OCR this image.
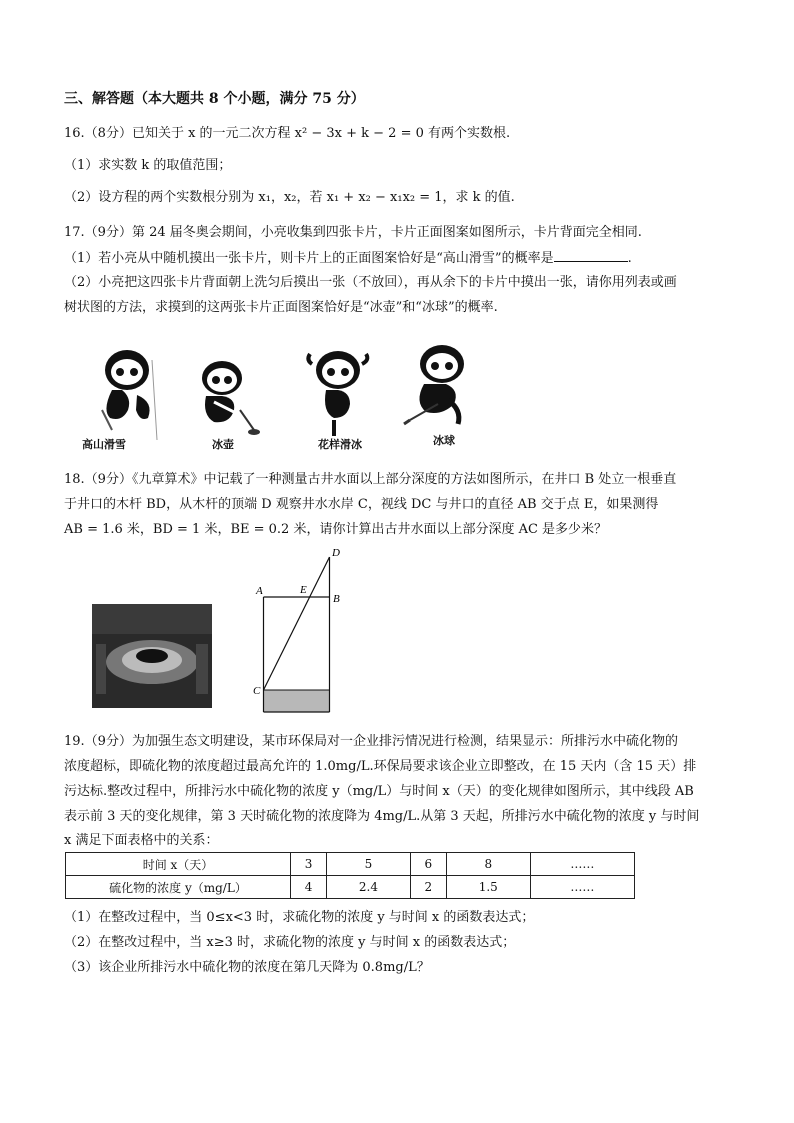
三、解答题（本大题共 8 个小题，满分 75 分）
16.（8分）已知关于 x 的一元二次方程 x² − 3x + k − 2 = 0 有两个实数根.
（1）求实数 k 的取值范围；
（2）设方程的两个实数根分别为 x₁，x₂，若 x₁ + x₂ − x₁x₂ = 1，求 k 的值.
17.（9分）第 24 届冬奥会期间，小亮收集到四张卡片，卡片正面图案如图所示，卡片背面完全相同.
（1）若小亮从中随机摸出一张卡片，则卡片上的正面图案恰好是“高山滑雪”的概率是	.
（2）小亮把这四张卡片背面朝上洗匀后摸出一张（不放回），再从余下的卡片中摸出一张，请你用列表或画
树状图的方法，求摸到的这两张卡片正面图案恰好是“冰壶”和“冰球”的概率.
高山滑雪	冰壶	花样滑冰	冰球
18.（9分）《九章算术》中记载了一种测量古井水面以上部分深度的方法如图所示，在井口 B 处立一根垂直
于井口的木杆 BD，从木杆的顶端 D 观察井水水岸 C，视线 DC 与井口的直径 AB 交于点 E，如果测得
AB = 1.6 米，BD = 1 米，BE = 0.2 米，请你计算出古井水面以上部分深度 AC 是多少米？
D
A	E
B
C
19.（9分）为加强生态文明建设，某市环保局对一企业排污情况进行检测，结果显示：所排污水中硫化物的
浓度超标，即硫化物的浓度超过最高允许的 1.0mg/L.环保局要求该企业立即整改，在 15 天内（含 15 天）排
污达标.整改过程中，所排污水中硫化物的浓度 y（mg/L）与时间 x（天）的变化规律如图所示，其中线段 AB
表示前 3 天的变化规律，第 3 天时硫化物的浓度降为 4mg/L.从第 3 天起，所排污水中硫化物的浓度 y 与时间
x 满足下面表格中的关系：
时间 x（天）	3	5	6	8	……
硫化物的浓度 y（mg/L）	4	2.4	2	1.5	……
（1）在整改过程中，当 0≤x<3 时，求硫化物的浓度 y 与时间 x 的函数表达式；
（2）在整改过程中，当 x≥3 时，求硫化物的浓度 y 与时间 x 的函数表达式；
（3）该企业所排污水中硫化物的浓度在第几天降为 0.8mg/L？
